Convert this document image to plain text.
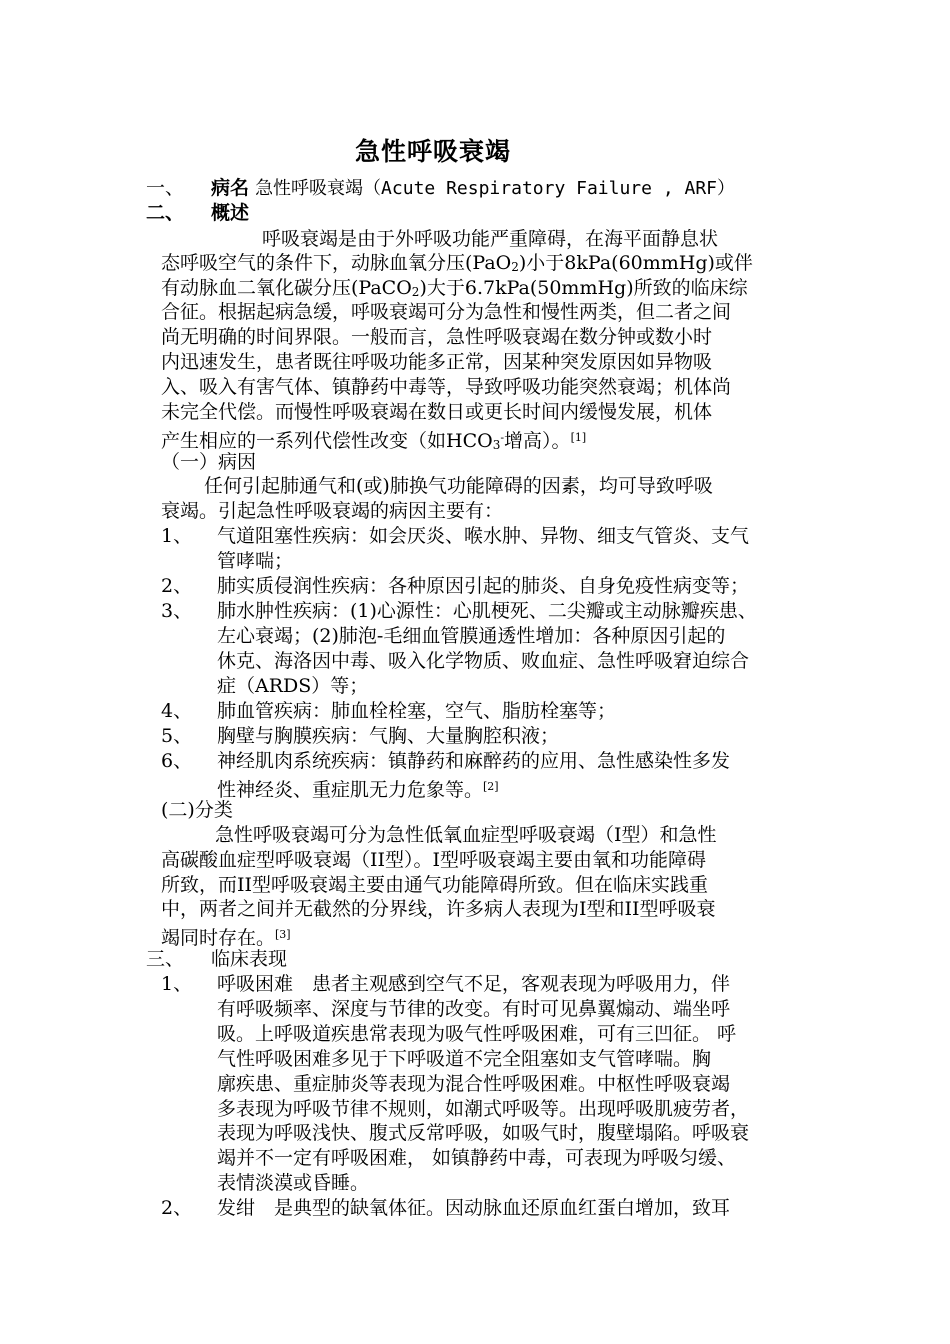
急性呼吸衰竭
一、 病名 急性呼吸衰竭（Acute Respiratory Failure , ARF）
二、 概述
呼吸衰竭是由于外呼吸功能严重障碍，在海平面静息状
态呼吸空气的条件下，动脉血氧分压(PaO$_2$)小于8kPa(60mmHg)或伴
有动脉血二氧化碳分压(PaCO$_2$)大于6.7kPa(50mmHg)所致的临床综
合征。根据起病急缓，呼吸衰竭可分为急性和慢性两类，但二者之间
尚无明确的时间界限。一般而言，急性呼吸衰竭在数分钟或数小时
内迅速发生，患者既往呼吸功能多正常，因某种突发原因如异物吸
入、吸入有害气体、镇静药中毒等，导致呼吸功能突然衰竭；机体尚
未完全代偿。而慢性呼吸衰竭在数日或更长时间内缓慢发展，机体
产生相应的一系列代偿性改变（如$HCO_3^-$增高）。[1]
（一）病因
任何引起肺通气和(或)肺换气功能障碍的因素，均可导致呼吸
衰竭。引起急性呼吸衰竭的病因主要有：
1、 气道阻塞性疾病：如会厌炎、喉水肿、异物、细支气管炎、支气
管哮喘；
2、 肺实质侵润性疾病：各种原因引起的肺炎、自身免疫性病变等；
3、 肺水肿性疾病：(1)心源性：心肌梗死、二尖瓣或主动脉瓣疾患、
左心衰竭；(2)肺泡-毛细血管膜通透性增加：各种原因引起的
休克、海洛因中毒、吸入化学物质、败血症、急性呼吸窘迫综合
症（ARDS）等；
4、 肺血管疾病：肺血栓栓塞，空气、脂肪栓塞等；
5、 胸壁与胸膜疾病：气胸、大量胸腔积液；
6、 神经肌肉系统疾病：镇静药和麻醉药的应用、急性感染性多发
性神经炎、重症肌无力危象等。[2]
(二)分类
急性呼吸衰竭可分为急性低氧血症型呼吸衰竭（I型）和急性
高碳酸血症型呼吸衰竭（II型）。I型呼吸衰竭主要由氧和功能障碍
所致，而II型呼吸衰竭主要由通气功能障碍所致。但在临床实践重
中，两者之间并无截然的分界线，许多病人表现为I型和II型呼吸衰
竭同时存在。[3]
三、 临床表现
1、 呼吸困难　患者主观感到空气不足，客观表现为呼吸用力，伴
有呼吸频率、深度与节律的改变。有时可见鼻翼煽动、端坐呼
吸。上呼吸道疾患常表现为吸气性呼吸困难，可有三凹征。 呼
气性呼吸困难多见于下呼吸道不完全阻塞如支气管哮喘。胸
廓疾患、重症肺炎等表现为混合性呼吸困难。中枢性呼吸衰竭
多表现为呼吸节律不规则，如潮式呼吸等。出现呼吸肌疲劳者，
表现为呼吸浅快、腹式反常呼吸，如吸气时，腹壁塌陷。呼吸衰
竭并不一定有呼吸困难， 如镇静药中毒，可表现为呼吸匀缓、
表情淡漠或昏睡。
2、 发绀　是典型的缺氧体征。因动脉血还原血红蛋白增加，致耳
